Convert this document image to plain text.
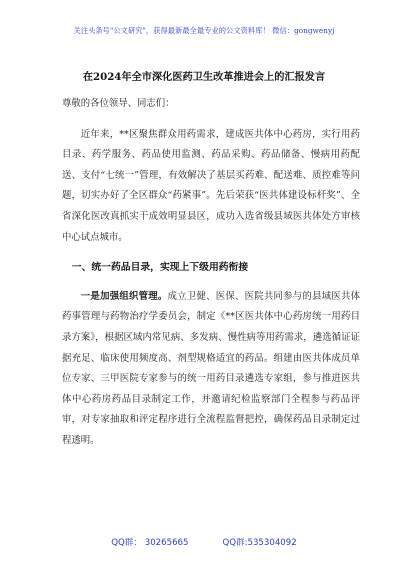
关注头条号"公文研究"，获得最新最全最专业的公文资料库！ 微信：gongwenyj
在2024年全市深化医药卫生改革推进会上的汇报发言

尊敬的各位领导、同志们：

近年来，**区聚焦群众用药需求，建成医共体中心药房，实行用药目录、药学服务、药品使用监测、药品采购、药品储备、慢病用药配送、支付“七统一”管理，有效解决了基层买药难、配送难、质控难等问题，切实办好了全区群众“药紧事”。先后荣获“医共体建设标杆奖”、全省深化医改真抓实干成效明显县区，成功入选省级县域医共体处方审核中心试点城市。

一、统一药品目录，实现上下级用药衔接

一是加强组织管理。成立卫健、医保、医院共同参与的县域医共体药事管理与药物治疗学委员会，制定《**区医共体中心药房统一用药目录方案》，根据区域内常见病、多发病、慢性病等用药需求，遴选循证证据充足、临床使用频度高、剂型规格适宜的药品。组建由医共体成员单位专家、三甲医院专家参与的统一用药目录遴选专家组，参与推进医共体中心药房药品目录制定工作，并邀请纪检监察部门全程参与药品评审，对专家抽取和评定程序进行全流程监督把控，确保药品目录制定过程透明。

QQ群： 30265665	QQ群:535304092
